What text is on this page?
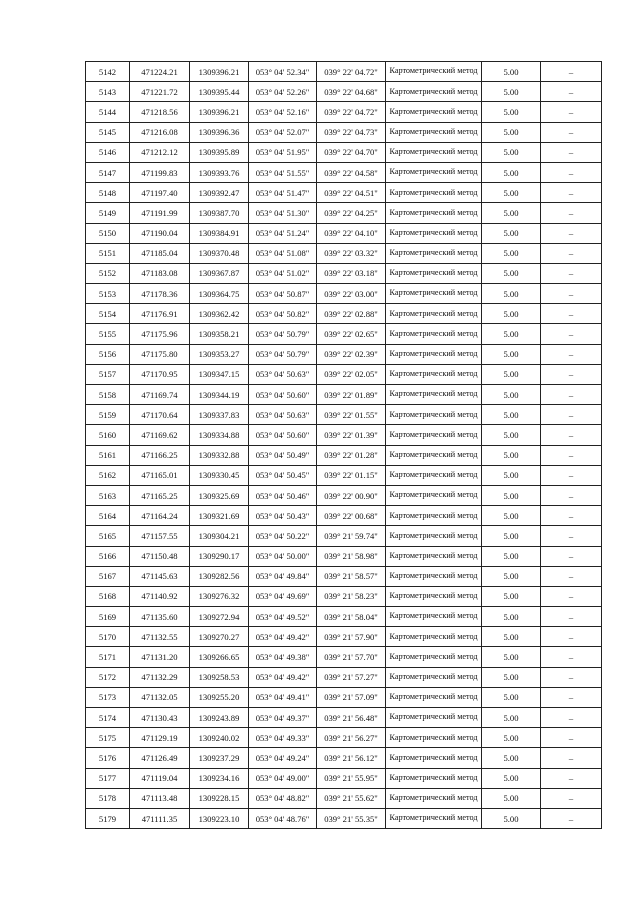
5142	471224.21	1309396.21	053° 04' 52.34"	039° 22' 04.72"	Картометрический метод	5.00	–
5143	471221.72	1309395.44	053° 04' 52.26"	039° 22' 04.68"	Картометрический метод	5.00	–
5144	471218.56	1309396.21	053° 04' 52.16"	039° 22' 04.72"	Картометрический метод	5.00	–
5145	471216.08	1309396.36	053° 04' 52.07"	039° 22' 04.73"	Картометрический метод	5.00	–
5146	471212.12	1309395.89	053° 04' 51.95"	039° 22' 04.70"	Картометрический метод	5.00	–
5147	471199.83	1309393.76	053° 04' 51.55"	039° 22' 04.58"	Картометрический метод	5.00	–
5148	471197.40	1309392.47	053° 04' 51.47"	039° 22' 04.51"	Картометрический метод	5.00	–
5149	471191.99	1309387.70	053° 04' 51.30"	039° 22' 04.25"	Картометрический метод	5.00	–
5150	471190.04	1309384.91	053° 04' 51.24"	039° 22' 04.10"	Картометрический метод	5.00	–
5151	471185.04	1309370.48	053° 04' 51.08"	039° 22' 03.32"	Картометрический метод	5.00	–
5152	471183.08	1309367.87	053° 04' 51.02"	039° 22' 03.18"	Картометрический метод	5.00	–
5153	471178.36	1309364.75	053° 04' 50.87"	039° 22' 03.00"	Картометрический метод	5.00	–
5154	471176.91	1309362.42	053° 04' 50.82"	039° 22' 02.88"	Картометрический метод	5.00	–
5155	471175.96	1309358.21	053° 04' 50.79"	039° 22' 02.65"	Картометрический метод	5.00	–
5156	471175.80	1309353.27	053° 04' 50.79"	039° 22' 02.39"	Картометрический метод	5.00	–
5157	471170.95	1309347.15	053° 04' 50.63"	039° 22' 02.05"	Картометрический метод	5.00	–
5158	471169.74	1309344.19	053° 04' 50.60"	039° 22' 01.89"	Картометрический метод	5.00	–
5159	471170.64	1309337.83	053° 04' 50.63"	039° 22' 01.55"	Картометрический метод	5.00	–
5160	471169.62	1309334.88	053° 04' 50.60"	039° 22' 01.39"	Картометрический метод	5.00	–
5161	471166.25	1309332.88	053° 04' 50.49"	039° 22' 01.28"	Картометрический метод	5.00	–
5162	471165.01	1309330.45	053° 04' 50.45"	039° 22' 01.15"	Картометрический метод	5.00	–
5163	471165.25	1309325.69	053° 04' 50.46"	039° 22' 00.90"	Картометрический метод	5.00	–
5164	471164.24	1309321.69	053° 04' 50.43"	039° 22' 00.68"	Картометрический метод	5.00	–
5165	471157.55	1309304.21	053° 04' 50.22"	039° 21' 59.74"	Картометрический метод	5.00	–
5166	471150.48	1309290.17	053° 04' 50.00"	039° 21' 58.98"	Картометрический метод	5.00	–
5167	471145.63	1309282.56	053° 04' 49.84"	039° 21' 58.57"	Картометрический метод	5.00	–
5168	471140.92	1309276.32	053° 04' 49.69"	039° 21' 58.23"	Картометрический метод	5.00	–
5169	471135.60	1309272.94	053° 04' 49.52"	039° 21' 58.04"	Картометрический метод	5.00	–
5170	471132.55	1309270.27	053° 04' 49.42"	039° 21' 57.90"	Картометрический метод	5.00	–
5171	471131.20	1309266.65	053° 04' 49.38"	039° 21' 57.70"	Картометрический метод	5.00	–
5172	471132.29	1309258.53	053° 04' 49.42"	039° 21' 57.27"	Картометрический метод	5.00	–
5173	471132.05	1309255.20	053° 04' 49.41"	039° 21' 57.09"	Картометрический метод	5.00	–
5174	471130.43	1309243.89	053° 04' 49.37"	039° 21' 56.48"	Картометрический метод	5.00	–
5175	471129.19	1309240.02	053° 04' 49.33"	039° 21' 56.27"	Картометрический метод	5.00	–
5176	471126.49	1309237.29	053° 04' 49.24"	039° 21' 56.12"	Картометрический метод	5.00	–
5177	471119.04	1309234.16	053° 04' 49.00"	039° 21' 55.95"	Картометрический метод	5.00	–
5178	471113.48	1309228.15	053° 04' 48.82"	039° 21' 55.62"	Картометрический метод	5.00	–
5179	471111.35	1309223.10	053° 04' 48.76"	039° 21' 55.35"	Картометрический метод	5.00	–
